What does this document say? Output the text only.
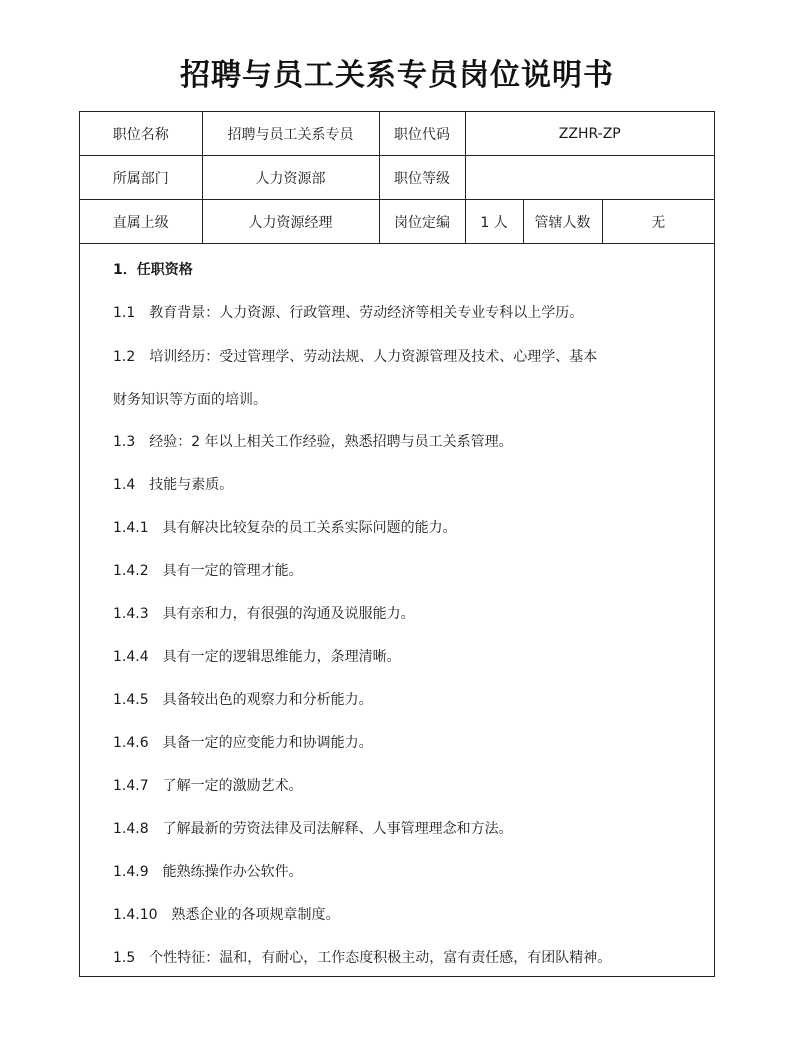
招聘与员工关系专员岗位说明书
职位名称	招聘与员工关系专员	职位代码	ZZHR-ZP		
所属部门	人力资源部	职位等级			
直属上级	人力资源经理	岗位定编	1 人	管辖人数	无
1．任职资格
1.1　教育背景：人力资源、行政管理、劳动经济等相关专业专科以上学历。
1.2　培训经历：受过管理学、劳动法规、人力资源管理及技术、心理学、基本
财务知识等方面的培训。
1.3　经验：2 年以上相关工作经验，熟悉招聘与员工关系管理。
1.4　技能与素质。
1.4.1　具有解决比较复杂的员工关系实际问题的能力。
1.4.2　具有一定的管理才能。
1.4.3　具有亲和力，有很强的沟通及说服能力。
1.4.4　具有一定的逻辑思维能力，条理清晰。
1.4.5　具备较出色的观察力和分析能力。
1.4.6　具备一定的应变能力和协调能力。
1.4.7　了解一定的激励艺术。
1.4.8　了解最新的劳资法律及司法解释、人事管理理念和方法。
1.4.9　能熟练操作办公软件。
1.4.10　熟悉企业的各项规章制度。
1.5　个性特征：温和，有耐心，工作态度积极主动，富有责任感，有团队精神。
